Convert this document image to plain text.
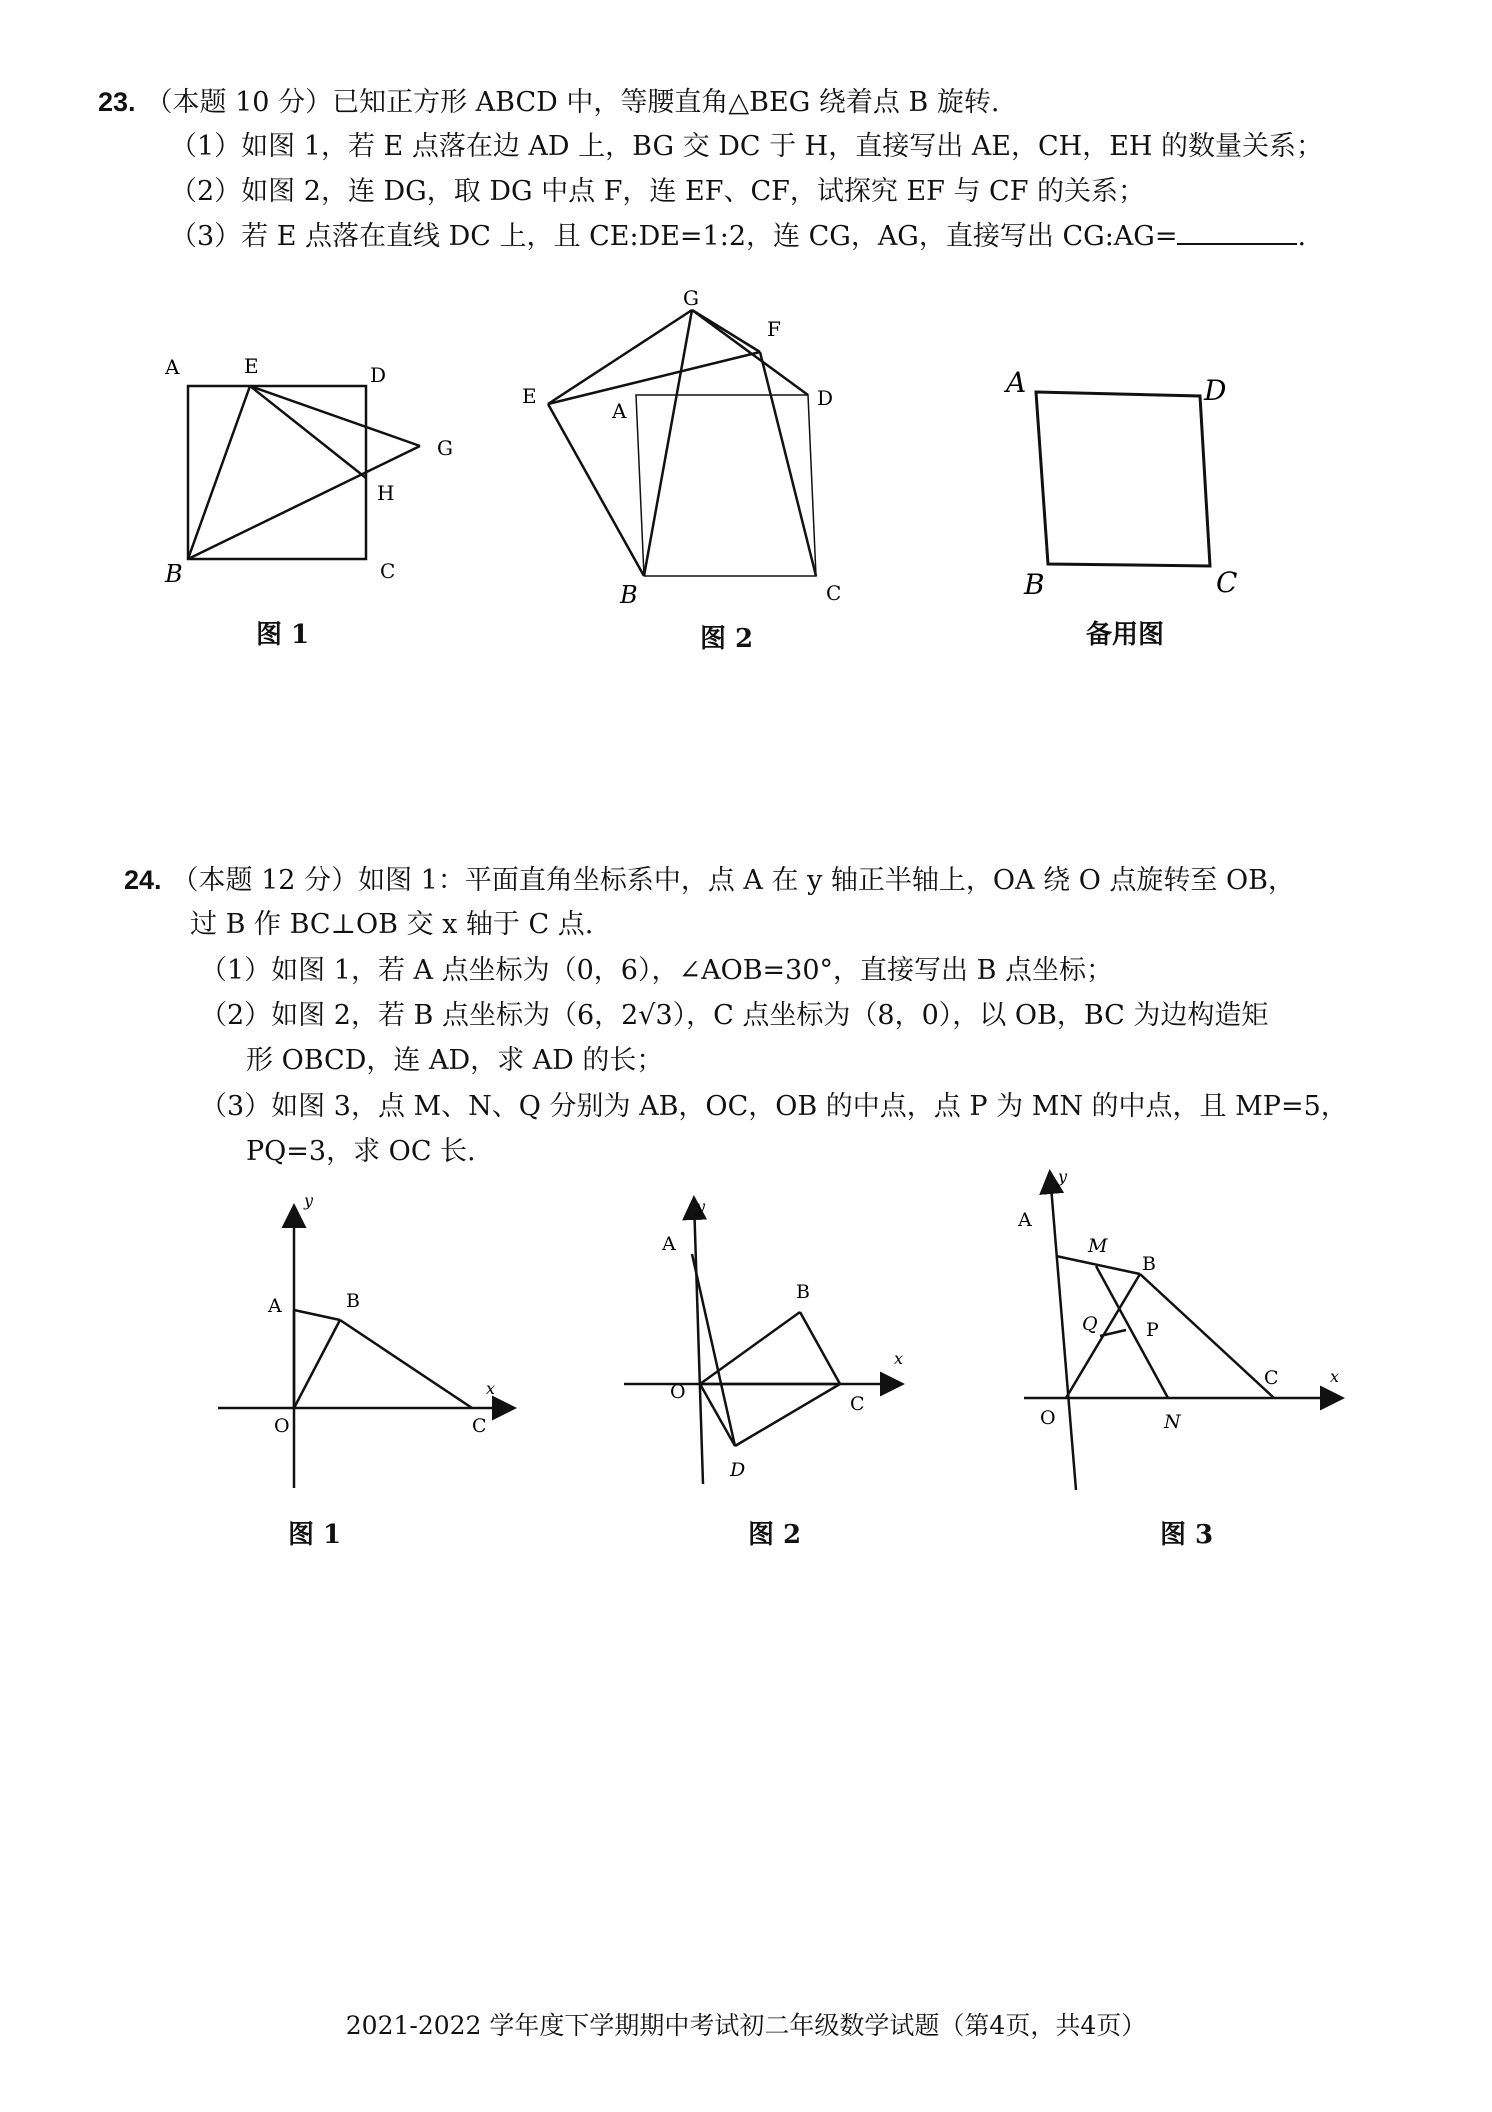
23. （本题 10 分）已知正方形 ABCD 中，等腰直角△BEG 绕着点 B 旋转.
（1）如图 1，若 E 点落在边 AD 上，BG 交 DC 于 H，直接写出 AE，CH，EH 的数量关系；
（2）如图 2，连 DG，取 DG 中点 F，连 EF、CF，试探究 EF 与 CF 的关系；
（3）若 E 点落在直线 DC 上，且 CE:DE=1:2，连 CG，AG，直接写出 CG:AG=	.
A	E	D
G
H
B	C
G
F
E
A
D
B	C
A	D
B	C
图 1	图 2	备用图
24. （本题 12 分）如图 1：平面直角坐标系中，点 A 在 y 轴正半轴上，OA 绕 O 点旋转至 OB，
过 B 作 BC⊥OB 交 x 轴于 C 点.
（1）如图 1，若 A 点坐标为（0，6），∠AOB=30°，直接写出 B 点坐标；
（2）如图 2，若 B 点坐标为（6，2√3），C 点坐标为（8，0），以 OB，BC 为边构造矩
形 OBCD，连 AD，求 AD 的长；
（3）如图 3，点 M、N、Q 分别为 AB，OC，OB 的中点，点 P 为 MN 的中点，且 MP=5，
PQ=3，求 OC 长.
y
x
A	B
O	C
y
x
A
B
O
C
D
y
x
A
M
B
Q	P
O	N
C
图 1	图 2	图 3
2021-2022 学年度下学期期中考试初二年级数学试题（第4页，共4页）
